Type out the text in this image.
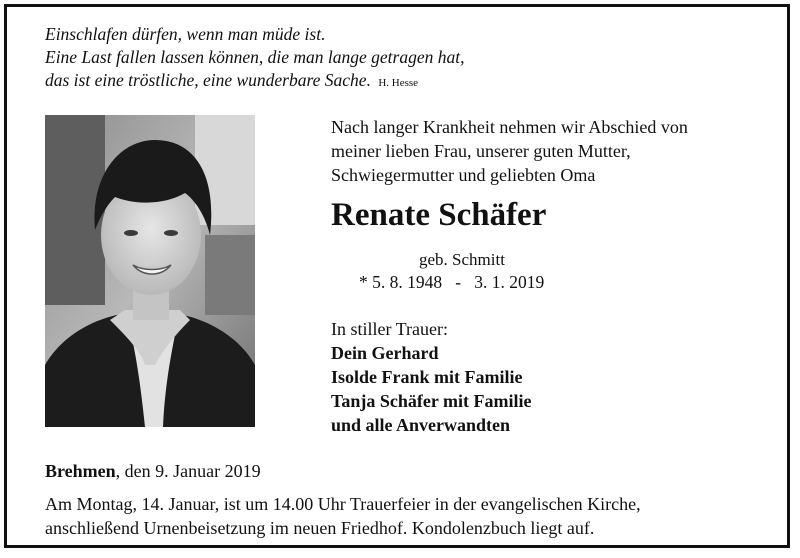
Einschlafen dürfen, wenn man müde ist.
Eine Last fallen lassen können, die man lange getragen hat,
das ist eine tröstliche, eine wunderbare Sache. H. Hesse
Nach langer Krankheit nehmen wir Abschied von
meiner lieben Frau, unserer guten Mutter,
Schwiegermutter und geliebten Oma
Renate Schäfer
geb. Schmitt
* 5. 8. 1948   -   3. 1. 2019
In stiller Trauer:
Dein Gerhard
Isolde Frank mit Familie
Tanja Schäfer mit Familie
und alle Anverwandten
Brehmen, den 9. Januar 2019
Am Montag, 14. Januar, ist um 14.00 Uhr Trauerfeier in der evangelischen Kirche,
anschließend Urnenbeisetzung im neuen Friedhof. Kondolenzbuch liegt auf.
